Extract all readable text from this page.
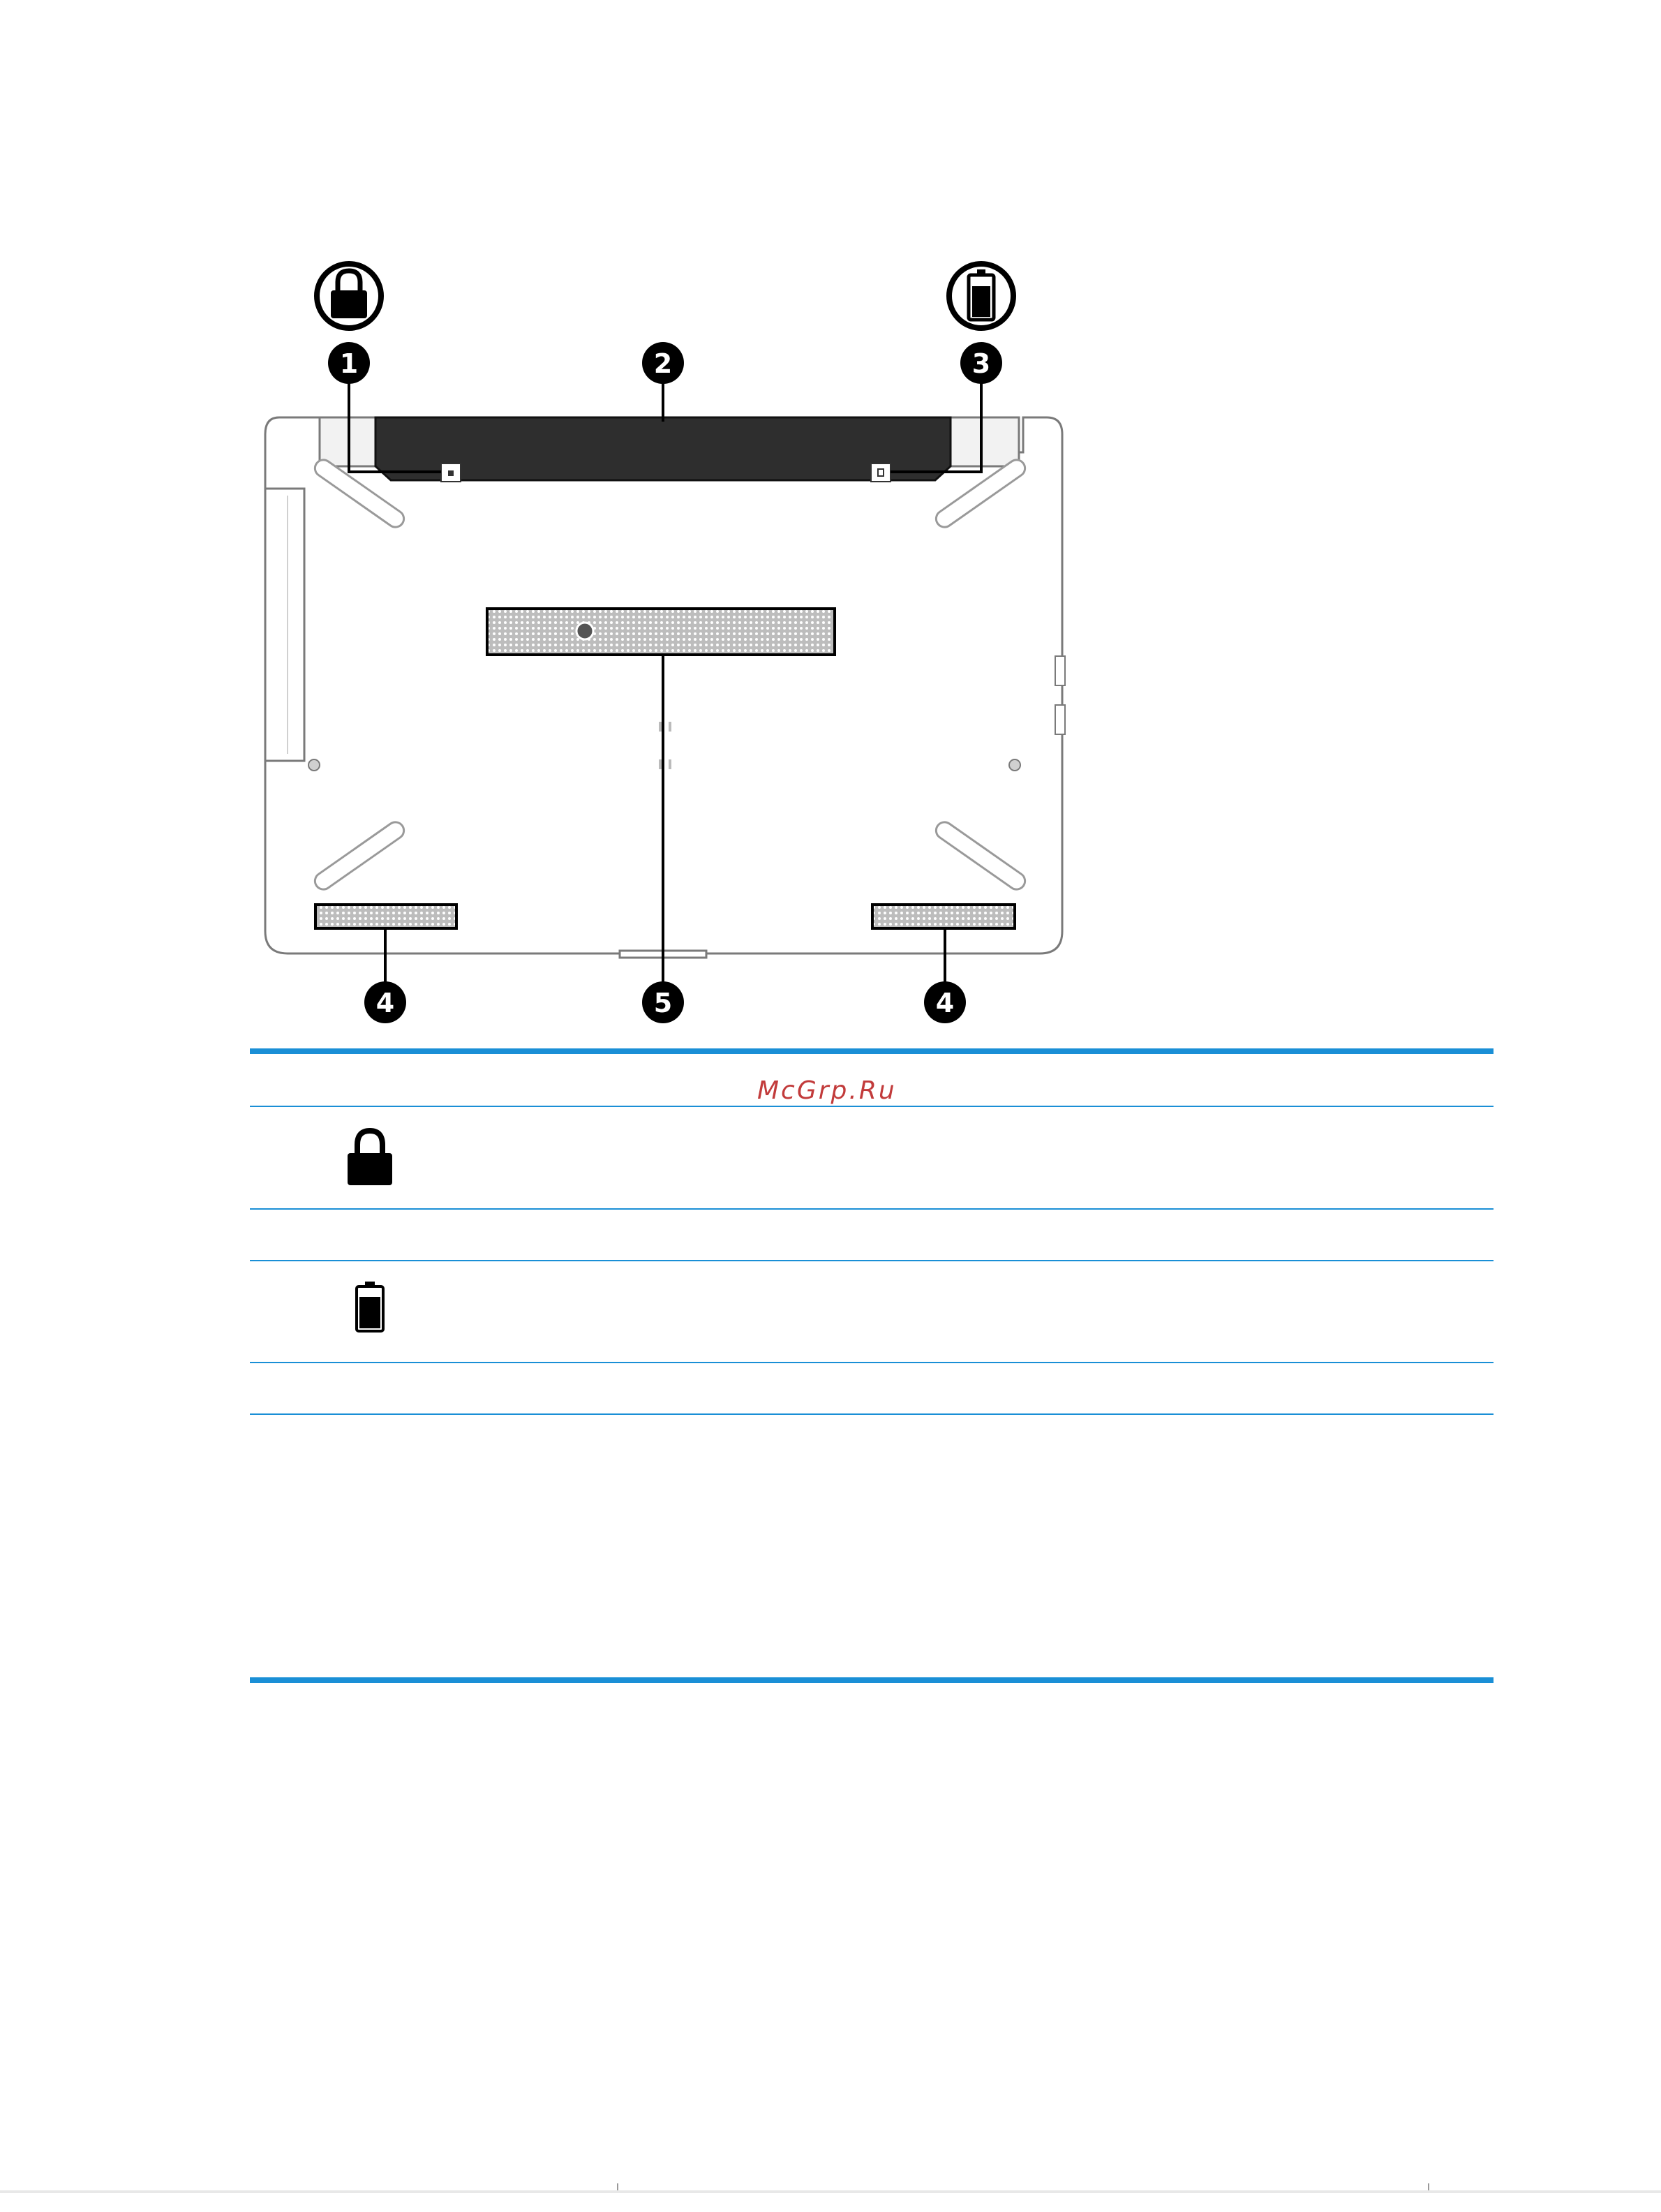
1	2	3
4	5	4
McGrp.Ru
